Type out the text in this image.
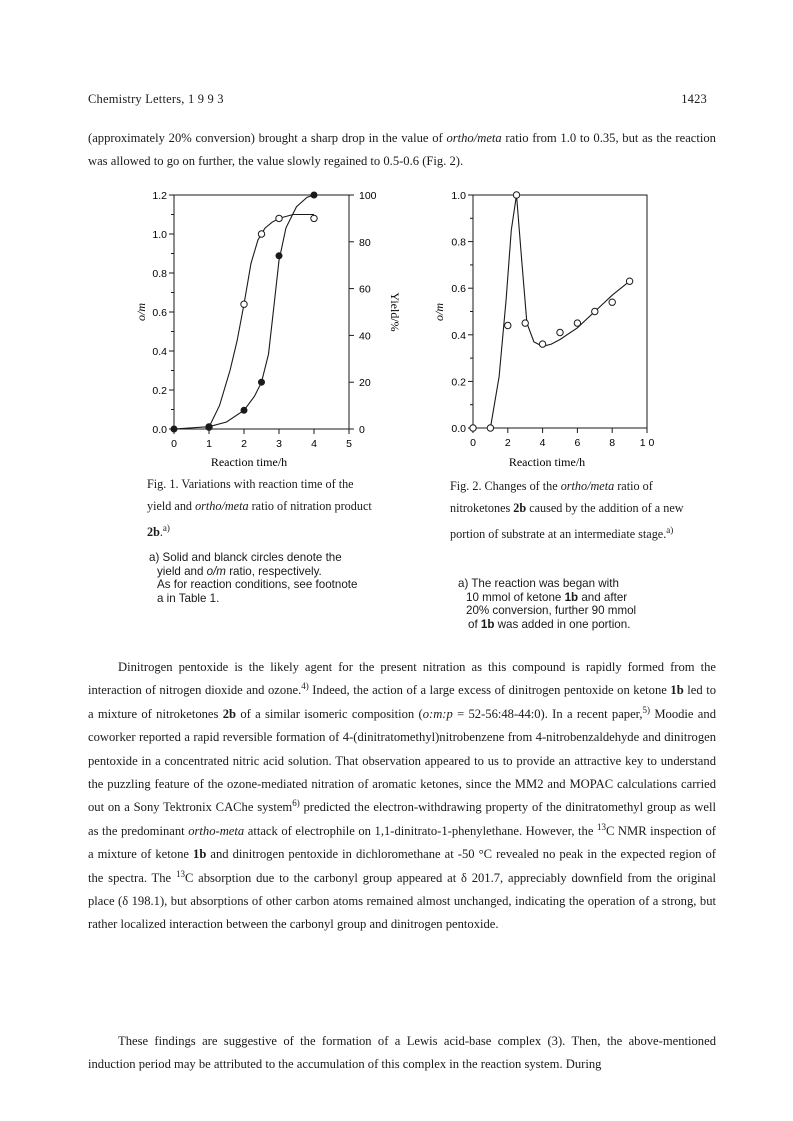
Chemistry Letters, 1 9 9 3	1423

(approximately 20% conversion) brought a sharp drop in the value of ortho/meta ratio from 1.0 to 0.35, but as the reaction was allowed to go on further, the value slowly regained to 0.5-0.6 (Fig. 2).

0	1	2	3	4	5
0.0
0.2
0.4
0.6
0.8
1.0
1.2
0
20
40
60
80
100
Reaction time/h
o/m	Yield/%

Fig. 1. Variations with reaction time of the yield and ortho/meta ratio of nitration product 2b.$^{a)}$

a) Solid and blanck circles denote the
yield and o/m ratio, respectively.
As for reaction conditions, see footnote
a in Table 1.
0	2	4	6	8 1 0
0.0
0.2
0.4
0.6
0.8
1.0
Reaction time/h
o/m

Fig. 2. Changes of the ortho/meta ratio of nitroketones 2b caused by the addition of a new portion of substrate at an intermediate stage.$^{a)}$

a) The reaction was began with
10 mmol of ketone 1b and after
20% conversion, further 90 mmol
of 1b was added in one portion.

Dinitrogen pentoxide is the likely agent for the present nitration as this compound is rapidly formed from the interaction of nitrogen dioxide and ozone.$^{4)}$ Indeed, the action of a large excess of dinitrogen pentoxide on ketone 1b led to a mixture of nitroketones 2b of a similar isomeric composition (o:m:p = 52-56:48-44:0). In a recent paper,$^{5)}$ Moodie and coworker reported a rapid reversible formation of 4-(dinitratomethyl)nitrobenzene from 4-nitrobenzaldehyde and dinitrogen pentoxide in a concentrated nitric acid solution. That observation appeared to us to provide an attractive key to understand the puzzling feature of the ozone-mediated nitration of aromatic ketones, since the MM2 and MOPAC calculations carried out on a Sony Tektronix CAChe system$^{6)}$ predicted the electron-withdrawing property of the dinitratomethyl group as well as the predominant ortho-meta attack of electrophile on 1,1-dinitrato-1-phenylethane. However, the $^{13}$C NMR inspection of a mixture of ketone 1b and dinitrogen pentoxide in dichloromethane at -50 °C revealed no peak in the expected region of the spectra. The $^{13}$C absorption due to the carbonyl group appeared at δ 201.7, appreciably downfield from the original place (δ 198.1), but absorptions of other carbon atoms remained almost unchanged, indicating the operation of a strong, but rather localized interaction between the carbonyl group and dinitrogen pentoxide.

These findings are suggestive of the formation of a Lewis acid-base complex (3). Then, the above-mentioned induction period may be attributed to the accumulation of this complex in the reaction system. During
